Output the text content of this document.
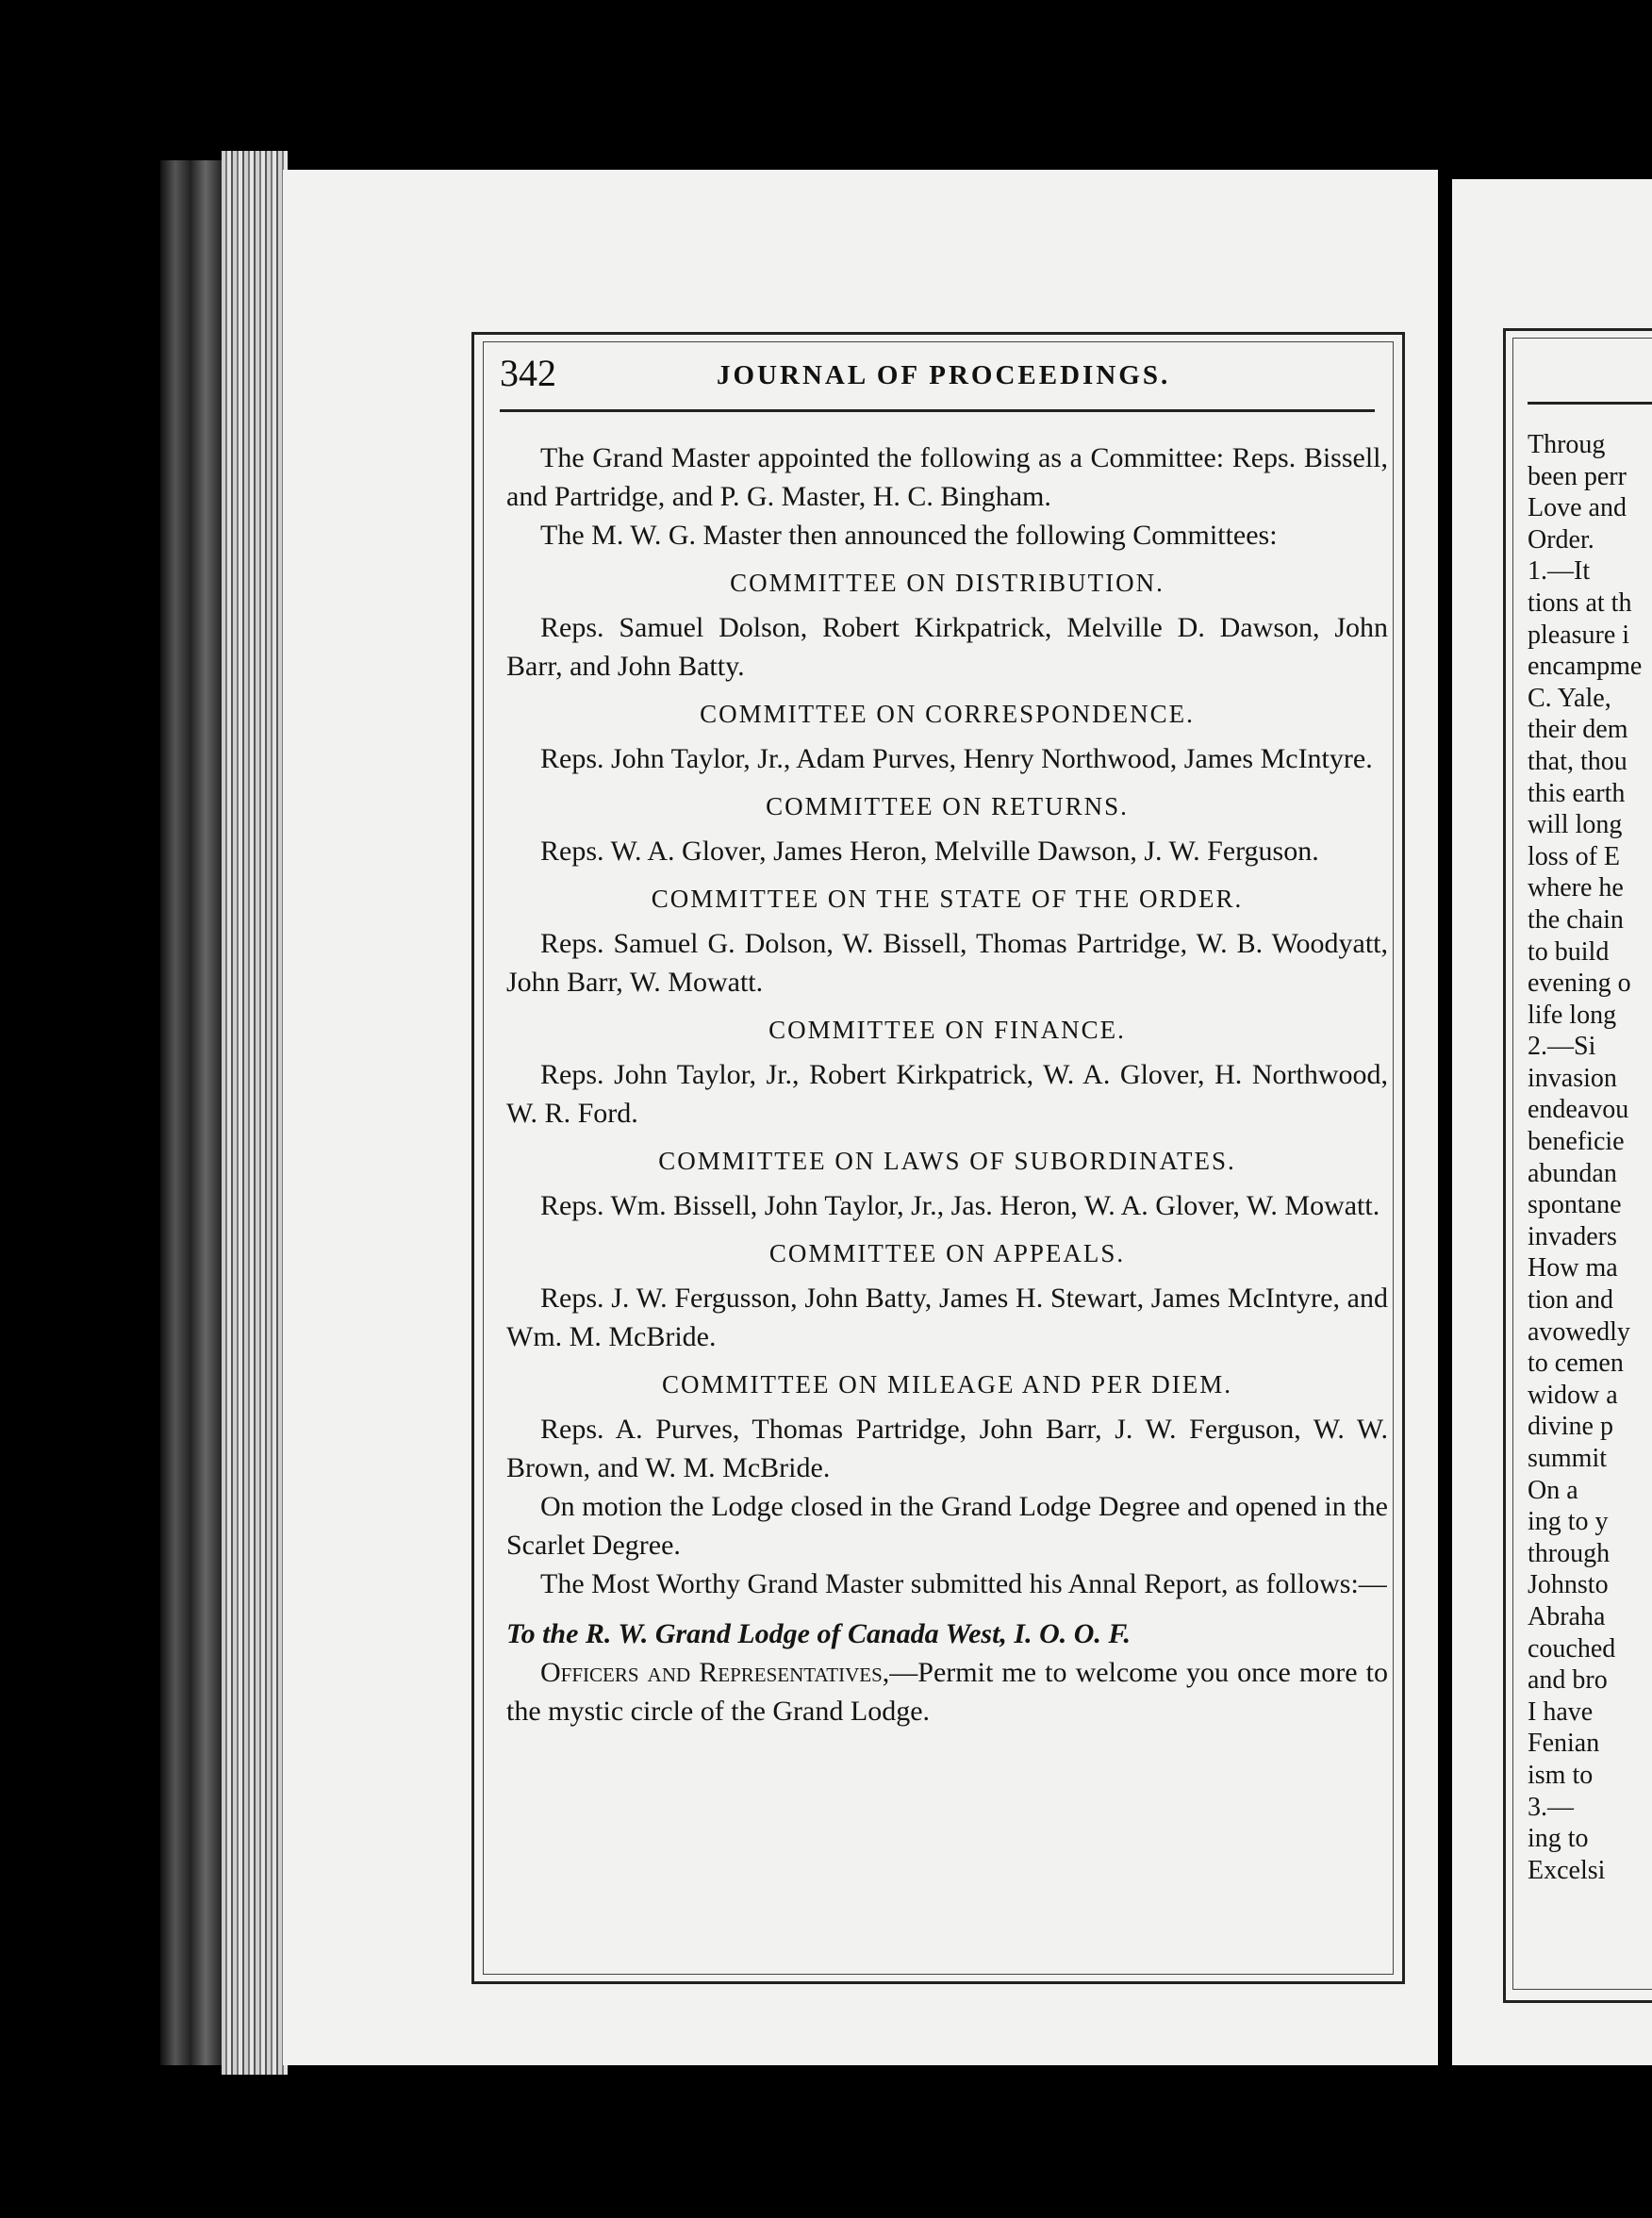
342	JOURNAL OF PROCEEDINGS.

The Grand Master appointed the following as a Committee: Reps. Bissell, and Partridge, and P. G. Master, H. C. Bingham.

The M. W. G. Master then announced the following Committees:

COMMITTEE ON DISTRIBUTION.

Reps. Samuel Dolson, Robert Kirkpatrick, Melville D. Dawson, John Barr, and John Batty.

COMMITTEE ON CORRESPONDENCE.

Reps. John Taylor, Jr., Adam Purves, Henry Northwood, James McIntyre.

COMMITTEE ON RETURNS.

Reps. W. A. Glover, James Heron, Melville Dawson, J. W. Ferguson.

COMMITTEE ON THE STATE OF THE ORDER.

Reps. Samuel G. Dolson, W. Bissell, Thomas Partridge, W. B. Woodyatt, John Barr, W. Mowatt.

COMMITTEE ON FINANCE.

Reps. John Taylor, Jr., Robert Kirkpatrick, W. A. Glover, H. Northwood, W. R. Ford.

COMMITTEE ON LAWS OF SUBORDINATES.

Reps. Wm. Bissell, John Taylor, Jr., Jas. Heron, W. A. Glover, W. Mowatt.

COMMITTEE ON APPEALS.

Reps. J. W. Fergusson, John Batty, James H. Stewart, James McIntyre, and Wm. M. McBride.

COMMITTEE ON MILEAGE AND PER DIEM.

Reps. A. Purves, Thomas Partridge, John Barr, J. W. Ferguson, W. W. Brown, and W. M. McBride.

On motion the Lodge closed in the Grand Lodge Degree and opened in the Scarlet Degree.

The Most Worthy Grand Master submitted his Annal Report, as follows:—

To the R. W. Grand Lodge of Canada West, I. O. O. F.

Officers and Representatives,—Permit me to welcome you once more to the mystic circle of the Grand Lodge.

Throug
been perr
Love and
Order.
1.—It
tions at th
pleasure i
encampme
C. Yale,
their dem
that, thou
this earth
will long
loss of E
where he
the chain
to build
evening o
life long
2.—Si
invasion
endeavou
beneficie
abundan
spontane
invaders
How ma
tion and
avowedly
to cemen
widow a
divine p
summit
On a
ing to y
through
Johnsto
Abraha
couched
and bro
I have
Fenian
ism to
3.—
ing to
Excelsi
